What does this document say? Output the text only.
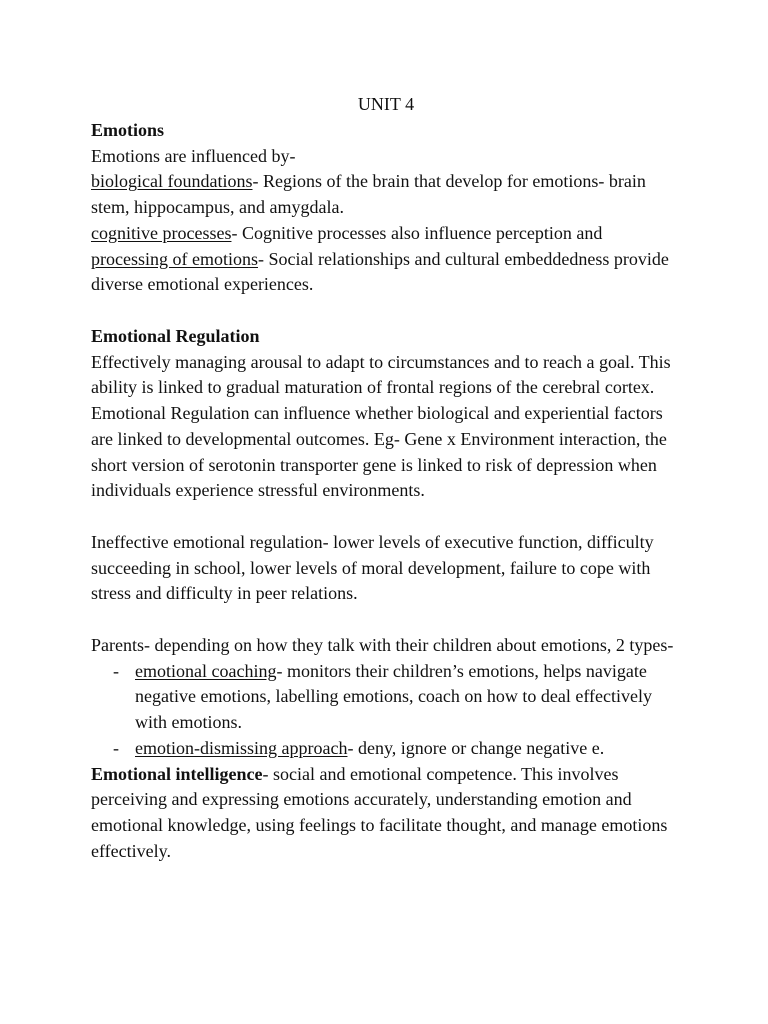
UNIT 4

Emotions

Emotions are influenced by-

biological foundations- Regions of the brain that develop for emotions- brain stem, hippocampus, and amygdala.

cognitive processes- Cognitive processes also influence perception and processing of emotions- Social relationships and cultural embeddedness provide diverse emotional experiences.

Emotional Regulation

Effectively managing arousal to adapt to circumstances and to reach a goal. This ability is linked to gradual maturation of frontal regions of the cerebral cortex.

Emotional Regulation can influence whether biological and experiential factors are linked to developmental outcomes. Eg- Gene x Environment interaction, the short version of serotonin transporter gene is linked to risk of depression when individuals experience stressful environments.

Ineffective emotional regulation- lower levels of executive function, difficulty succeeding in school, lower levels of moral development, failure to cope with stress and difficulty in peer relations.

Parents- depending on how they talk with their children about emotions, 2 types-

- emotional coaching- monitors their children’s emotions, helps navigate negative emotions, labelling emotions, coach on how to deal effectively with emotions.
- emotion-dismissing approach- deny, ignore or change negative e.

Emotional intelligence- social and emotional competence. This involves perceiving and expressing emotions accurately, understanding emotion and emotional knowledge, using feelings to facilitate thought, and manage emotions effectively.
